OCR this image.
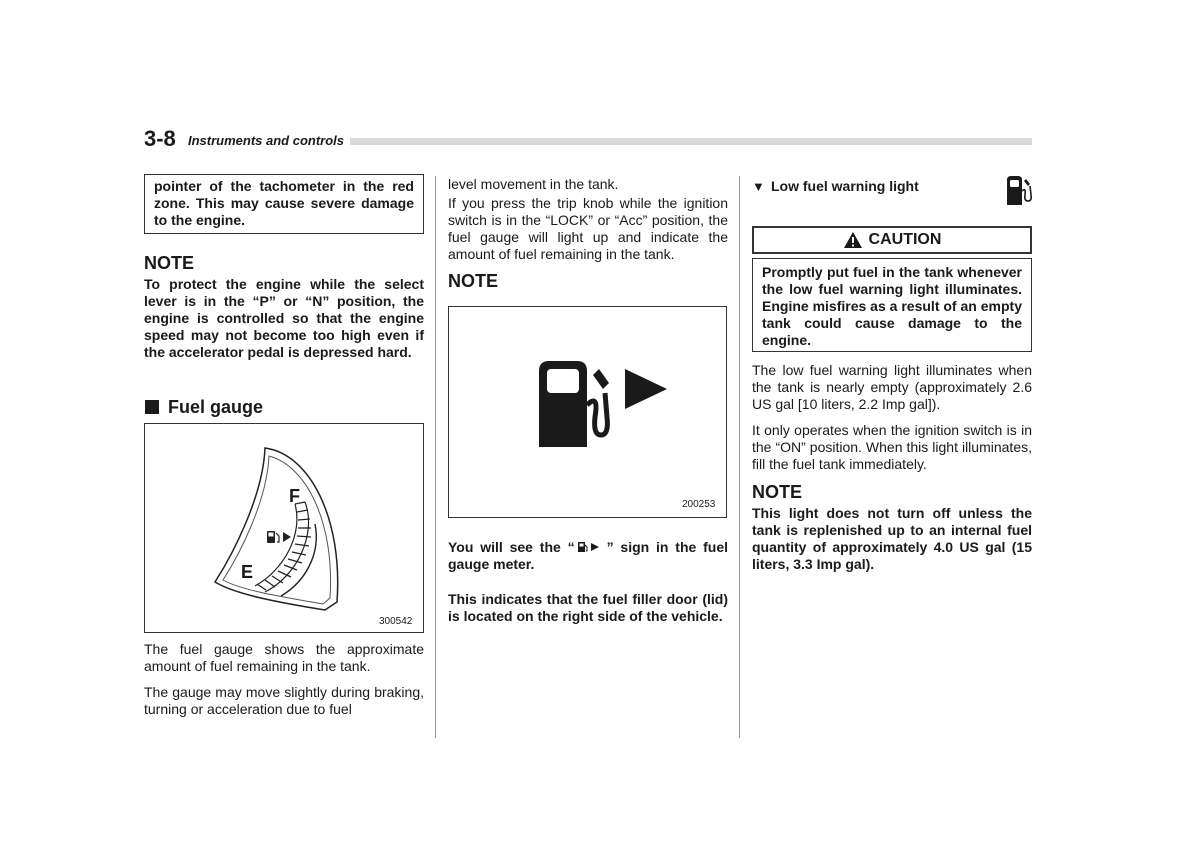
3-8 Instruments and controls
pointer of the tachometer in the red zone. This may cause severe damage to the engine.
NOTE
To protect the engine while the select lever is in the “P” or “N” position, the engine is controlled so that the engine speed may not become too high even if the accelerator pedal is depressed hard.
Fuel gauge
F
E
300542
The fuel gauge shows the approximate amount of fuel remaining in the tank.
The gauge may move slightly during braking, turning or acceleration due to fuel
level movement in the tank.
If you press the trip knob while the ignition switch is in the “LOCK” or “Acc” position, the fuel gauge will light up and indicate the amount of fuel remaining in the tank.
NOTE
200253
You will see the “ ” sign in the fuel gauge meter.
This indicates that the fuel filler door (lid) is located on the right side of the vehicle.
▼ Low fuel warning light
CAUTION
Promptly put fuel in the tank whenever the low fuel warning light illuminates. Engine misfires as a result of an empty tank could cause damage to the engine.
The low fuel warning light illuminates when the tank is nearly empty (approximately 2.6 US gal [10 liters, 2.2 Imp gal]).
It only operates when the ignition switch is in the “ON” position. When this light illuminates, fill the fuel tank immediately.
NOTE
This light does not turn off unless the tank is replenished up to an internal fuel quantity of approximately 4.0 US gal (15 liters, 3.3 Imp gal).
